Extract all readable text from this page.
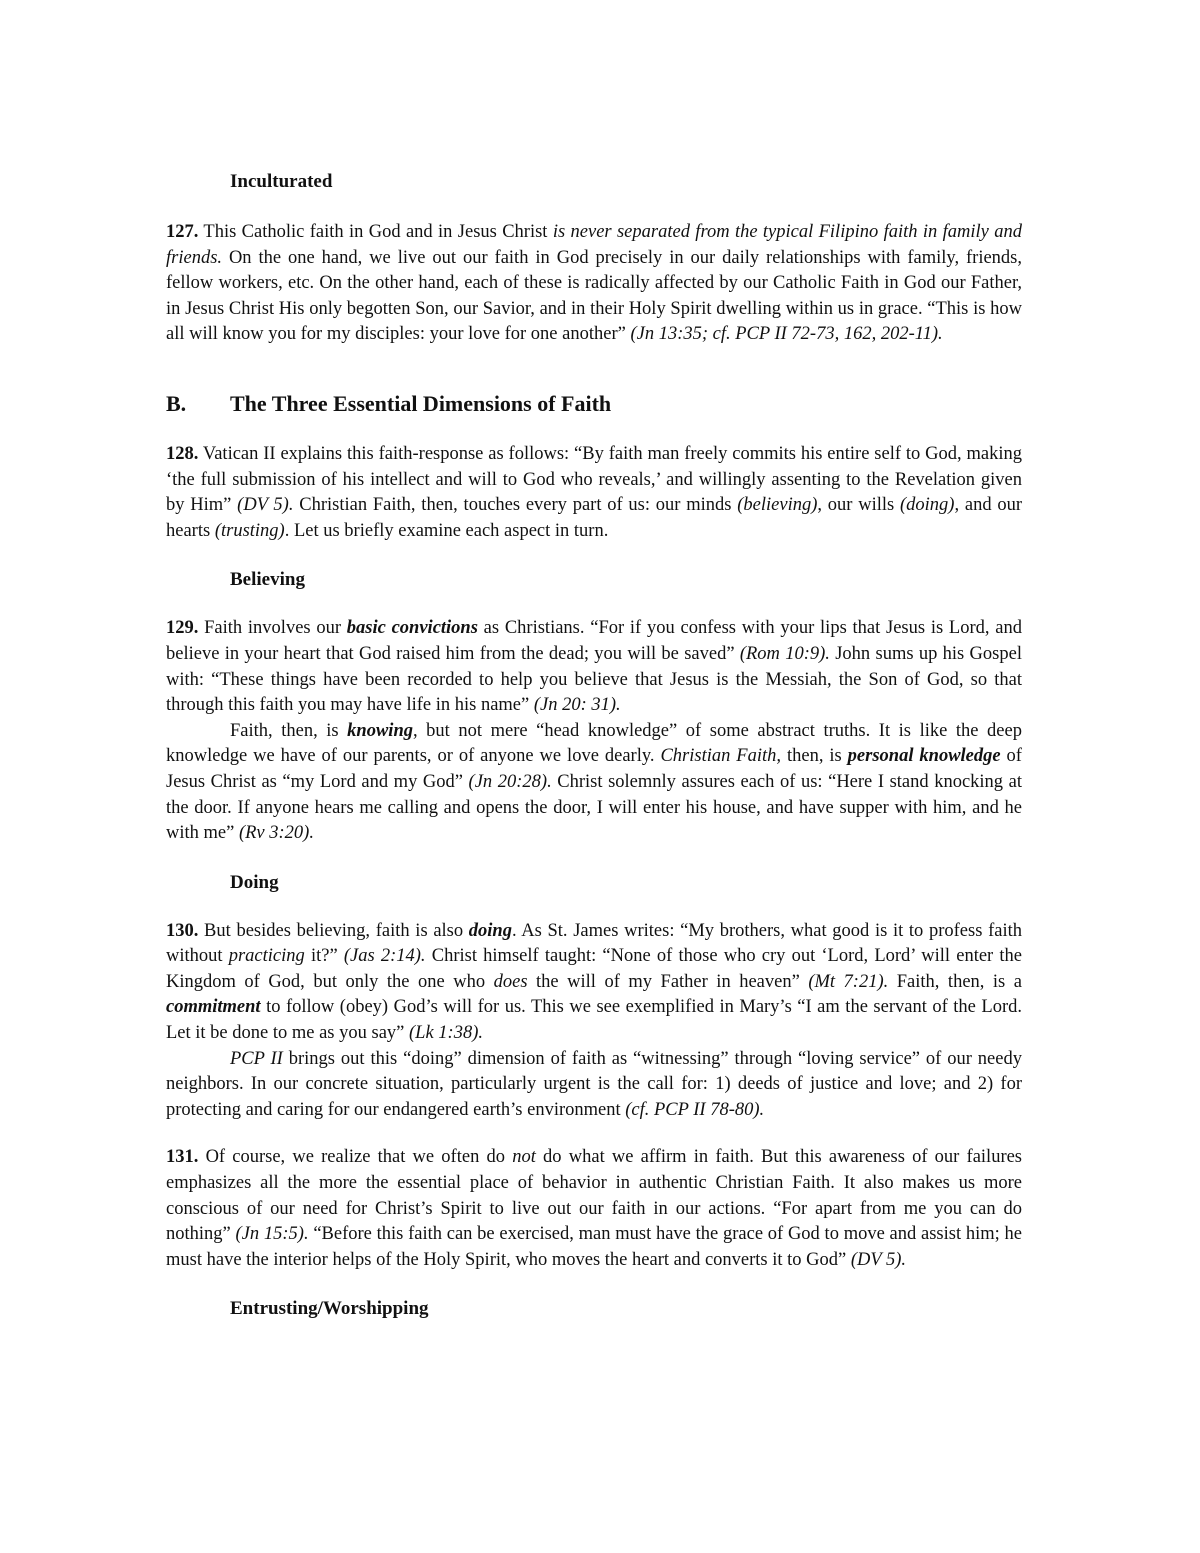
Inculturated

127. This Catholic faith in God and in Jesus Christ is never separated from the typical Filipino faith in family and friends. On the one hand, we live out our faith in God precisely in our daily relationships with family, friends, fellow workers, etc. On the other hand, each of these is radically affected by our Catholic Faith in God our Father, in Jesus Christ His only begotten Son, our Savior, and in their Holy Spirit dwelling within us in grace. “This is how all will know you for my disciples: your love for one another” (Jn 13:35; cf. PCP II 72-73, 162, 202-11).

B. The Three Essential Dimensions of Faith

128. Vatican II explains this faith-response as follows: “By faith man freely commits his entire self to God, making ‘the full submission of his intellect and will to God who reveals,’ and willingly assenting to the Revelation given by Him” (DV 5). Christian Faith, then, touches every part of us: our minds (believing), our wills (doing), and our hearts (trusting). Let us briefly examine each aspect in turn.

Believing

129. Faith involves our basic convictions as Christians. “For if you confess with your lips that Jesus is Lord, and believe in your heart that God raised him from the dead; you will be saved” (Rom 10:9). John sums up his Gospel with: “These things have been recorded to help you believe that Jesus is the Messiah, the Son of God, so that through this faith you may have life in his name” (Jn 20: 31).

Faith, then, is knowing, but not mere “head knowledge” of some abstract truths. It is like the deep knowledge we have of our parents, or of anyone we love dearly. Christian Faith, then, is personal knowledge of Jesus Christ as “my Lord and my God” (Jn 20:28). Christ solemnly assures each of us: “Here I stand knocking at the door. If anyone hears me calling and opens the door, I will enter his house, and have supper with him, and he with me” (Rv 3:20).

Doing

130. But besides believing, faith is also doing. As St. James writes: “My brothers, what good is it to profess faith without practicing it?” (Jas 2:14). Christ himself taught: “None of those who cry out ‘Lord, Lord’ will enter the Kingdom of God, but only the one who does the will of my Father in heaven” (Mt 7:21). Faith, then, is a commitment to follow (obey) God’s will for us. This we see exemplified in Mary’s “I am the servant of the Lord. Let it be done to me as you say” (Lk 1:38).

PCP II brings out this “doing” dimension of faith as “witnessing” through “loving service” of our needy neighbors. In our concrete situation, particularly urgent is the call for: 1) deeds of justice and love; and 2) for protecting and caring for our endangered earth’s environment (cf. PCP II 78-80).

131. Of course, we realize that we often do not do what we affirm in faith. But this awareness of our failures emphasizes all the more the essential place of behavior in authentic Christian Faith. It also makes us more conscious of our need for Christ’s Spirit to live out our faith in our actions. “For apart from me you can do nothing” (Jn 15:5). “Before this faith can be exercised, man must have the grace of God to move and assist him; he must have the interior helps of the Holy Spirit, who moves the heart and converts it to God” (DV 5).

Entrusting/Worshipping
